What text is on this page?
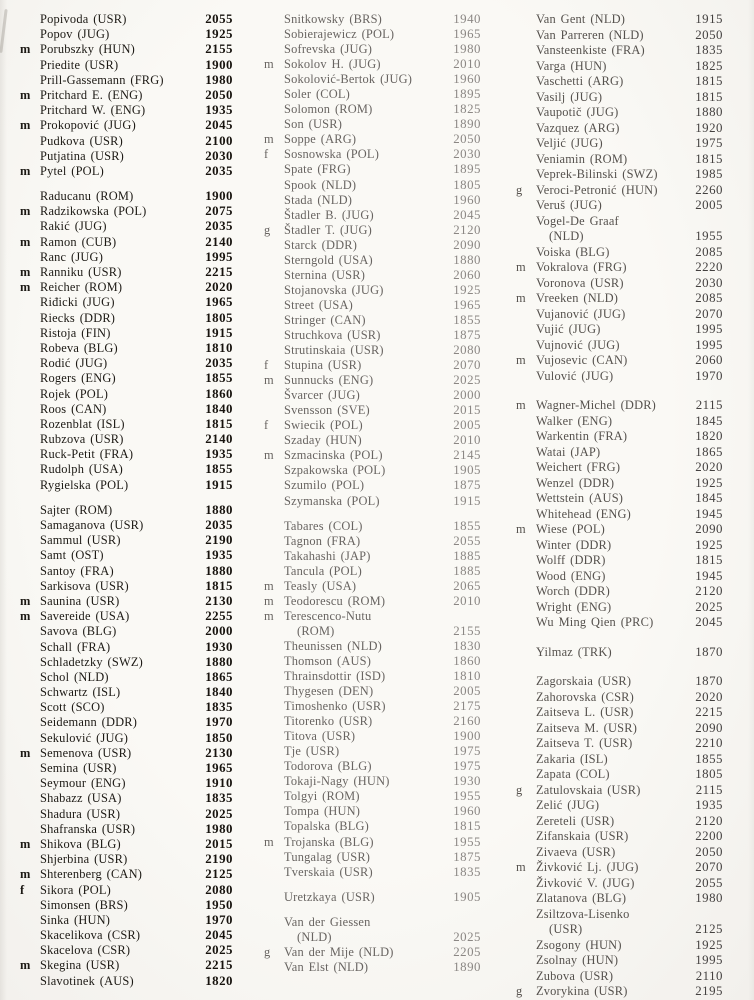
Popivoda (USR)	2055
Popov (JUG)	1925
m Porubszky (HUN)	2155
Priedite (USR)	1900
Prill-Gassemann (FRG)	1980
m Pritchard E. (ENG)	2050
Pritchard W. (ENG)	1935
m Prokopović (JUG)	2045
Pudkova (USR)	2100
Putjatina (USR)	2030
m Pytel (POL)	2035
Raducanu (ROM)	1900
m Radzikowska (POL)	2075
Rakić (JUG)	2035
m Ramon (CUB)	2140
Ranc (JUG)	1995
m Ranniku (USR)	2215
m Reicher (ROM)	2020
Riđicki (JUG)	1965
Riecks (DDR)	1805
Ristoja (FIN)	1915
Robeva (BLG)	1810
Rodić (JUG)	2035
Rogers (ENG)	1855
Rojek (POL)	1860
Roos (CAN)	1840
Rozenblat (ISL)	1815
Rubzova (USR)	2140
Ruck-Petit (FRA)	1935
Rudolph (USA)	1855
Rygielska (POL)	1915
Sajter (ROM)	1880
Samaganova (USR)	2035
Sammul (USR)	2190
Samt (OST)	1935
Santoy (FRA)	1880
Sarkisova (USR)	1815
m Saunina (USR)	2130
m Savereide (USA)	2255
Savova (BLG)	2000
Schall (FRA)	1930
Schladetzky (SWZ)	1880
Schol (NLD)	1865
Schwartz (ISL)	1840
Scott (SCO)	1835
Seidemann (DDR)	1970
Sekulović (JUG)	1850
m Semenova (USR)	2130
Semina (USR)	1965
Seymour (ENG)	1910
Shabazz (USA)	1835
Shadura (USR)	2025
Shafranska (USR)	1980
m Shikova (BLG)	2015
Shjerbina (USR)	2190
m Shterenberg (CAN)	2125
f	Sikora (POL)	2080
Simonsen (BRS)	1950
Sinka (HUN)	1970
Skacelikova (CSR)	2045
Skacelova (CSR)	2025
m Skegina (USR)	2215
Slavotinek (AUS)	1820
Snitkowsky (BRS)	1940
Sobierajewicz (POL)	1965
Sofrevska (JUG)	1980
m Sokolov H. (JUG)	2010
Sokolović-Bertok (JUG)	1960
Soler (COL)	1895
Solomon (ROM)	1825
Son (USR)	1890
m Soppe (ARG)	2050
f	Sosnowska (POL)	2030
Spate (FRG)	1895
Spook (NLD)	1805
Stada (NLD)	1960
Štadler B. (JUG)	2045
g	Štadler T. (JUG)	2120
Starck (DDR)	2090
Sterngold (USA)	1880
Sternina (USR)	2060
Stojanovska (JUG)	1925
Street (USA)	1965
Stringer (CAN)	1855
Struchkova (USR)	1875
Strutinskaia (USR)	2080
f	Stupina (USR)	2070
m Sunnucks (ENG)	2025
Švarcer (JUG)	2000
Svensson (SVE)	2015
f	Swiecik (POL)	2005
Szaday (HUN)	2010
m Szmacinska (POL)	2145
Szpakowska (POL)	1905
Szumilo (POL)	1875
Szymanska (POL)	1915
Tabares (COL)	1855
Tagnon (FRA)	2055
Takahashi (JAP)	1885
Tancula (POL)	1885
m Teasly (USA)	2065
m Teodorescu (ROM)	2010
m Terescenco-Nutu
(ROM)	2155
Theunissen (NLD)	1830
Thomson (AUS)	1860
Thrainsdottir (ISD)	1810
Thygesen (DEN)	2005
Timoshenko (USR)	2175
Titorenko (USR)	2160
Titova (USR)	1900
Tje (USR)	1975
Todorova (BLG)	1975
Tokaji-Nagy (HUN)	1930
Tolgyi (ROM)	1955
Tompa (HUN)	1960
Topalska (BLG)	1815
m Trojanska (BLG)	1955
Tungalag (USR)	1875
Tverskaia (USR)	1835
Uretzkaya (USR)	1905
Van der Giessen
(NLD)	2025
g	Van der Mije (NLD)	2205
Van Elst (NLD)	1890
Van Gent (NLD)	1915
Van Parreren (NLD)	2050
Vansteenkiste (FRA)	1835
Varga (HUN)	1825
Vaschetti (ARG)	1815
Vasilj (JUG)	1815
Vaupotič (JUG)	1880
Vazquez (ARG)	1920
Veljić (JUG)	1975
Veniamin (ROM)	1815
Veprek-Bilinski (SWZ)	1985
g	Veroci-Petronić (HUN)	2260
Veruš (JUG)	2005
Vogel-De Graaf
(NLD)	1955
Voiska (BLG)	2085
m Vokralova (FRG)	2220
Voronova (USR)	2030
m Vreeken (NLD)	2085
Vujanović (JUG)	2070
Vujić (JUG)	1995
Vujnović (JUG)	1995
m Vujosevic (CAN)	2060
Vulović (JUG)	1970
m Wagner-Michel (DDR)	2115
Walker (ENG)	1845
Warkentin (FRA)	1820
Watai (JAP)	1865
Weichert (FRG)	2020
Wenzel (DDR)	1925
Wettstein (AUS)	1845
Whitehead (ENG)	1945
m Wiese (POL)	2090
Winter (DDR)	1925
Wolff (DDR)	1815
Wood (ENG)	1945
Worch (DDR)	2120
Wright (ENG)	2025
Wu Ming Qien (PRC)	2045
Yilmaz (TRK)	1870
Zagorskaia (USR)	1870
Zahorovska (CSR)	2020
Zaitseva L. (USR)	2215
Zaitseva M. (USR)	2090
Zaitseva T. (USR)	2210
Zakaria (ISL)	1855
Zapata (COL)	1805
g	Zatulovskaia (USR)	2115
Zelić (JUG)	1935
Zereteli (USR)	2120
Zifanskaia (USR)	2200
Zivaeva (USR)	2050
m Živković Lj. (JUG)	2070
Živković V. (JUG)	2055
Zlatanova (BLG)	1980
Zsiltzova-Lisenko
(USR)	2125
Zsogony (HUN)	1925
Zsolnay (HUN)	1995
Zubova (USR)	2110
g	Zvorykina (USR)	2195
